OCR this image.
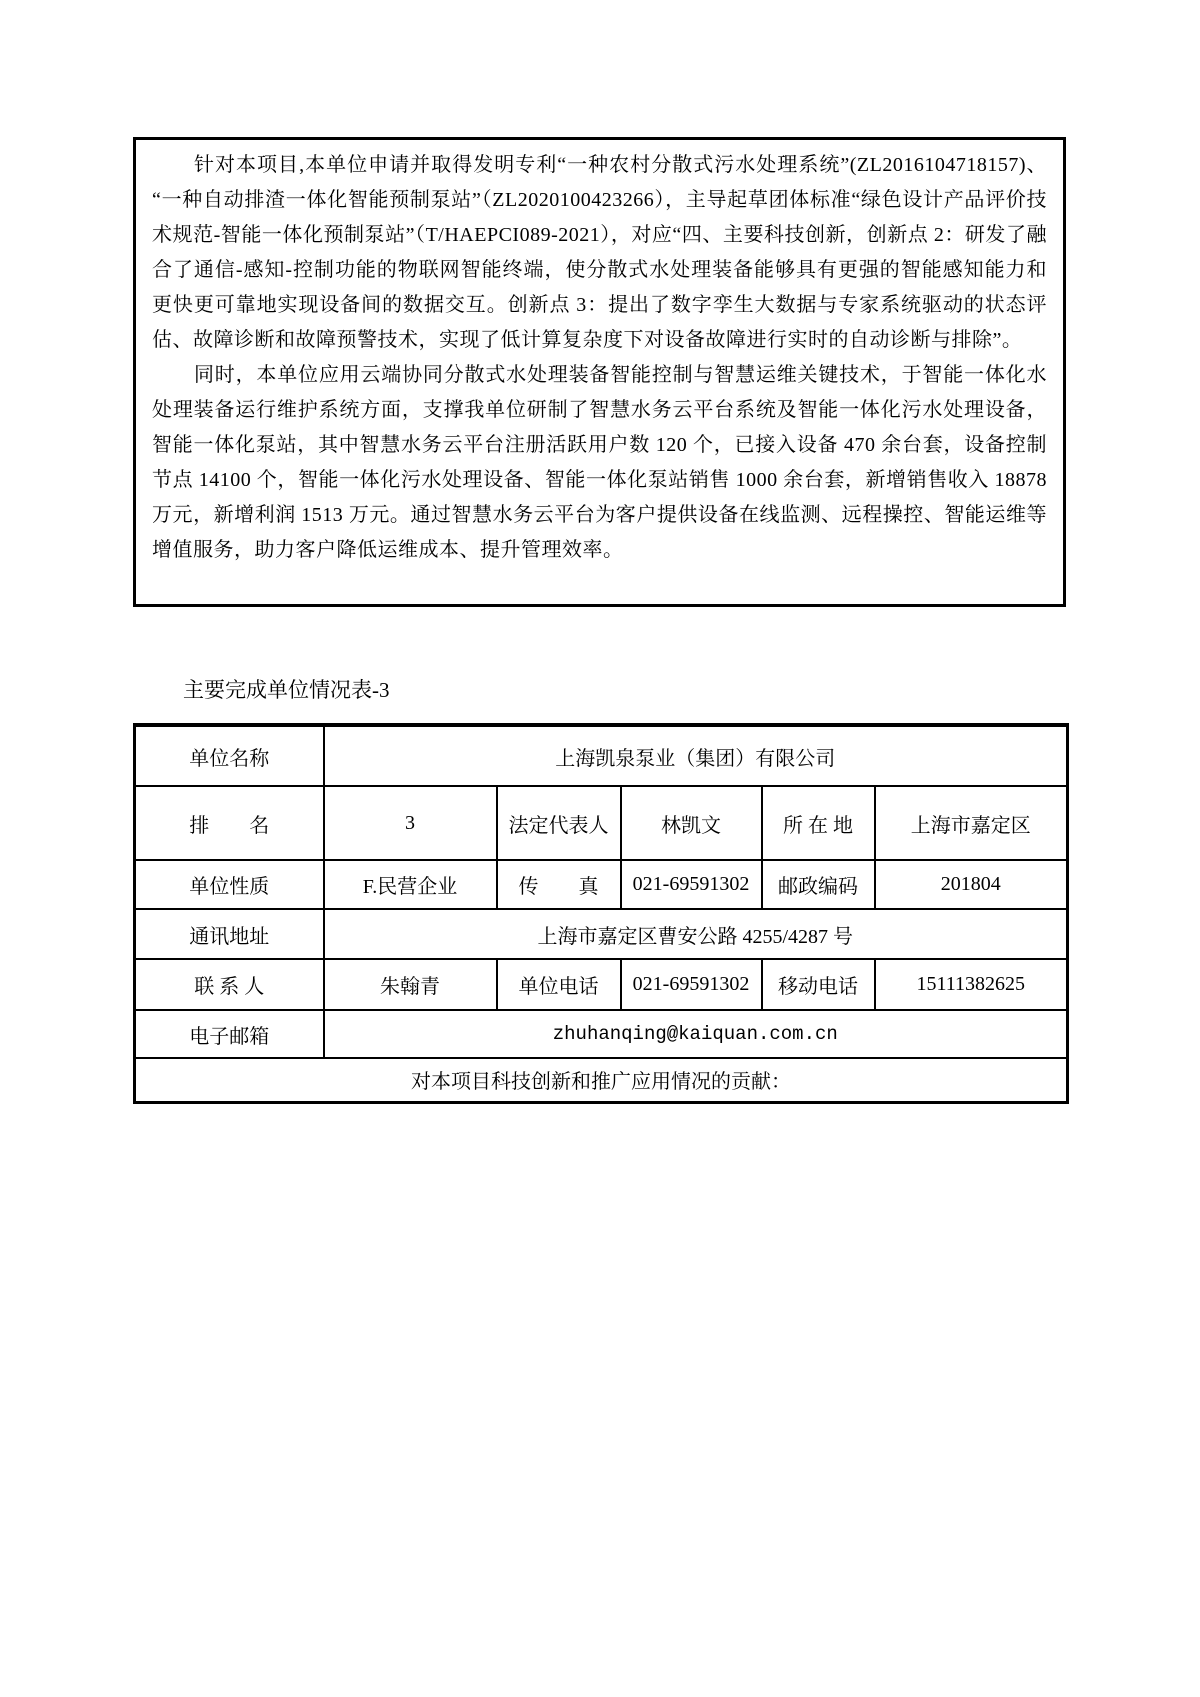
针对本项目,本单位申请并取得发明专利“一种农村分散式污水处理系统”(ZL2016104718157)、“一种自动排渣一体化智能预制泵站”（ZL2020100423266），主导起草团体标准“绿色设计产品评价技术规范-智能一体化预制泵站”（T/HAEPCI089-2021），对应“四、主要科技创新，创新点 2：研发了融合了通信-感知-控制功能的物联网智能终端，使分散式水处理装备能够具有更强的智能感知能力和更快更可靠地实现设备间的数据交互。创新点 3：提出了数字孪生大数据与专家系统驱动的状态评估、故障诊断和故障预警技术，实现了低计算复杂度下对设备故障进行实时的自动诊断与排除”。

同时，本单位应用云端协同分散式水处理装备智能控制与智慧运维关键技术，于智能一体化水处理装备运行维护系统方面，支撑我单位研制了智慧水务云平台系统及智能一体化污水处理设备，智能一体化泵站，其中智慧水务云平台注册活跃用户数 120 个，已接入设备 470 余台套，设备控制节点 14100 个，智能一体化污水处理设备、智能一体化泵站销售 1000 余台套，新增销售收入 18878 万元，新增利润 1513 万元。通过智慧水务云平台为客户提供设备在线监测、远程操控、智能运维等增值服务，助力客户降低运维成本、提升管理效率。

主要完成单位情况表-3
单位名称	上海凯泉泵业（集团）有限公司				
排　　名	3	法定代表人	林凯文	所 在 地	上海市嘉定区
单位性质	F.民营企业	传　　真	021-69591302	邮政编码	201804
通讯地址	上海市嘉定区曹安公路 4255/4287 号				
联 系 人	朱翰青	单位电话	021-69591302	移动电话	15111382625
电子邮箱	zhuhanqing@kaiquan.com.cn				
对本项目科技创新和推广应用情况的贡献：					
